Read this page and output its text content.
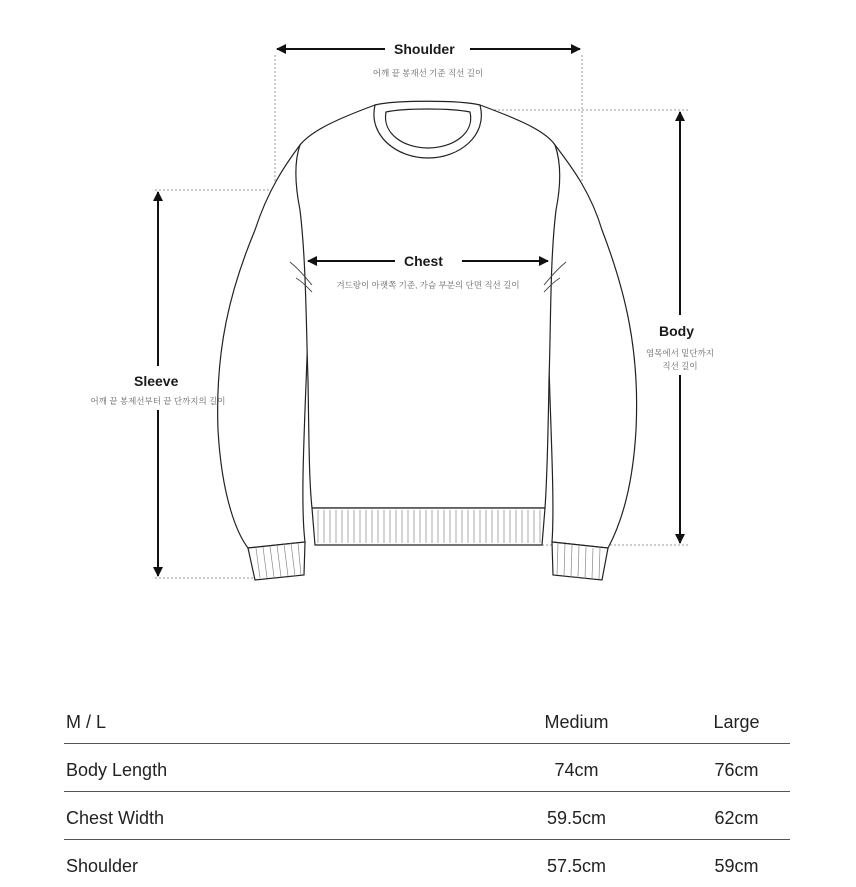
Shoulder
어깨 끝 봉재선 기준 직선 길이
Chest
겨드랑이 아랫쪽 기준, 가슴 부분의 단면 직선 길이
Body
염목에서 밑단까지
직선 길이
Sleeve
어깨 끝 봉제선부터 끝 단까지의 길이
M / L	Medium	Large
Body Length	74cm	76cm
Chest Width	59.5cm	62cm
Shoulder	57.5cm	59cm
